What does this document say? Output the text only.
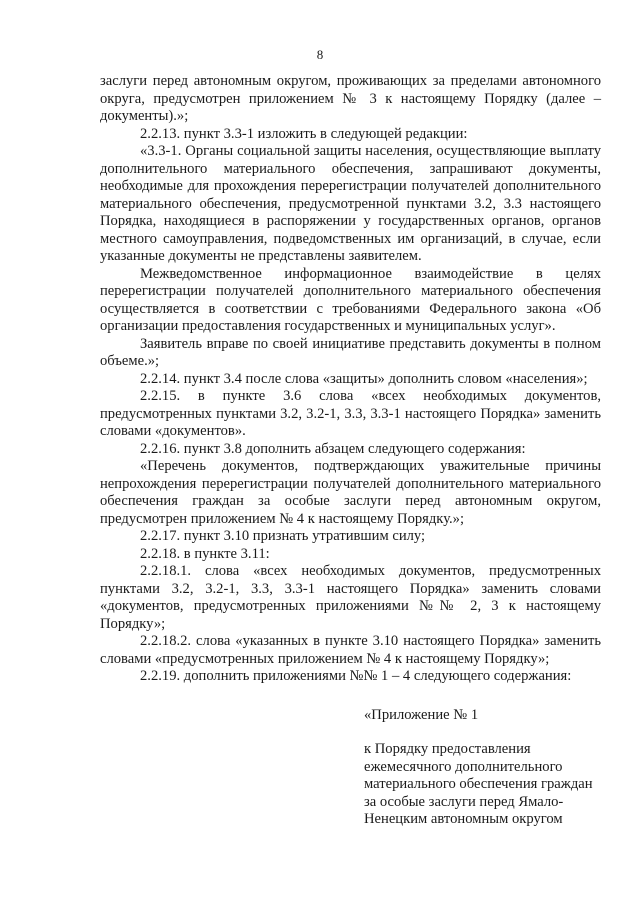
8

заслуги перед автономным округом, проживающих за пределами автономного округа, предусмотрен приложением № 3 к настоящему Порядку (далее – документы).»;

2.2.13. пункт 3.3-1 изложить в следующей редакции:

«3.3-1. Органы социальной защиты населения, осуществляющие выплату дополнительного материального обеспечения, запрашивают документы, необходимые для прохождения перерегистрации получателей дополнительного материального обеспечения, предусмотренной пунктами 3.2, 3.3 настоящего Порядка, находящиеся в распоряжении у государственных органов, органов местного самоуправления, подведомственных им организаций, в случае, если указанные документы не представлены заявителем.

Межведомственное информационное взаимодействие в целях перерегистрации получателей дополнительного материального обеспечения осуществляется в соответствии с требованиями Федерального закона «Об организации предоставления государственных и муниципальных услуг».

Заявитель вправе по своей инициативе представить документы в полном объеме.»;

2.2.14. пункт 3.4 после слова «защиты» дополнить словом «населения»;

2.2.15. в пункте 3.6 слова «всех необходимых документов, предусмотренных пунктами 3.2, 3.2-1, 3.3, 3.3-1 настоящего Порядка» заменить словами «документов».

2.2.16. пункт 3.8 дополнить абзацем следующего содержания:

«Перечень документов, подтверждающих уважительные причины непрохождения перерегистрации получателей дополнительного материального обеспечения граждан за особые заслуги перед автономным округом, предусмотрен приложением № 4 к настоящему Порядку.»;

2.2.17. пункт 3.10 признать утратившим силу;

2.2.18. в пункте 3.11:

2.2.18.1. слова «всех необходимых документов, предусмотренных пунктами 3.2, 3.2-1, 3.3, 3.3-1 настоящего Порядка» заменить словами «документов, предусмотренных приложениями №№ 2, 3 к настоящему Порядку»;

2.2.18.2. слова «указанных в пункте 3.10 настоящего Порядка» заменить словами «предусмотренных приложением № 4 к настоящему Порядку»;

2.2.19. дополнить приложениями №№ 1 – 4 следующего содержания:

«Приложение № 1
к Порядку предоставления
ежемесячного дополнительного
материального обеспечения граждан
за особые заслуги перед Ямало-
Ненецким автономным округом
